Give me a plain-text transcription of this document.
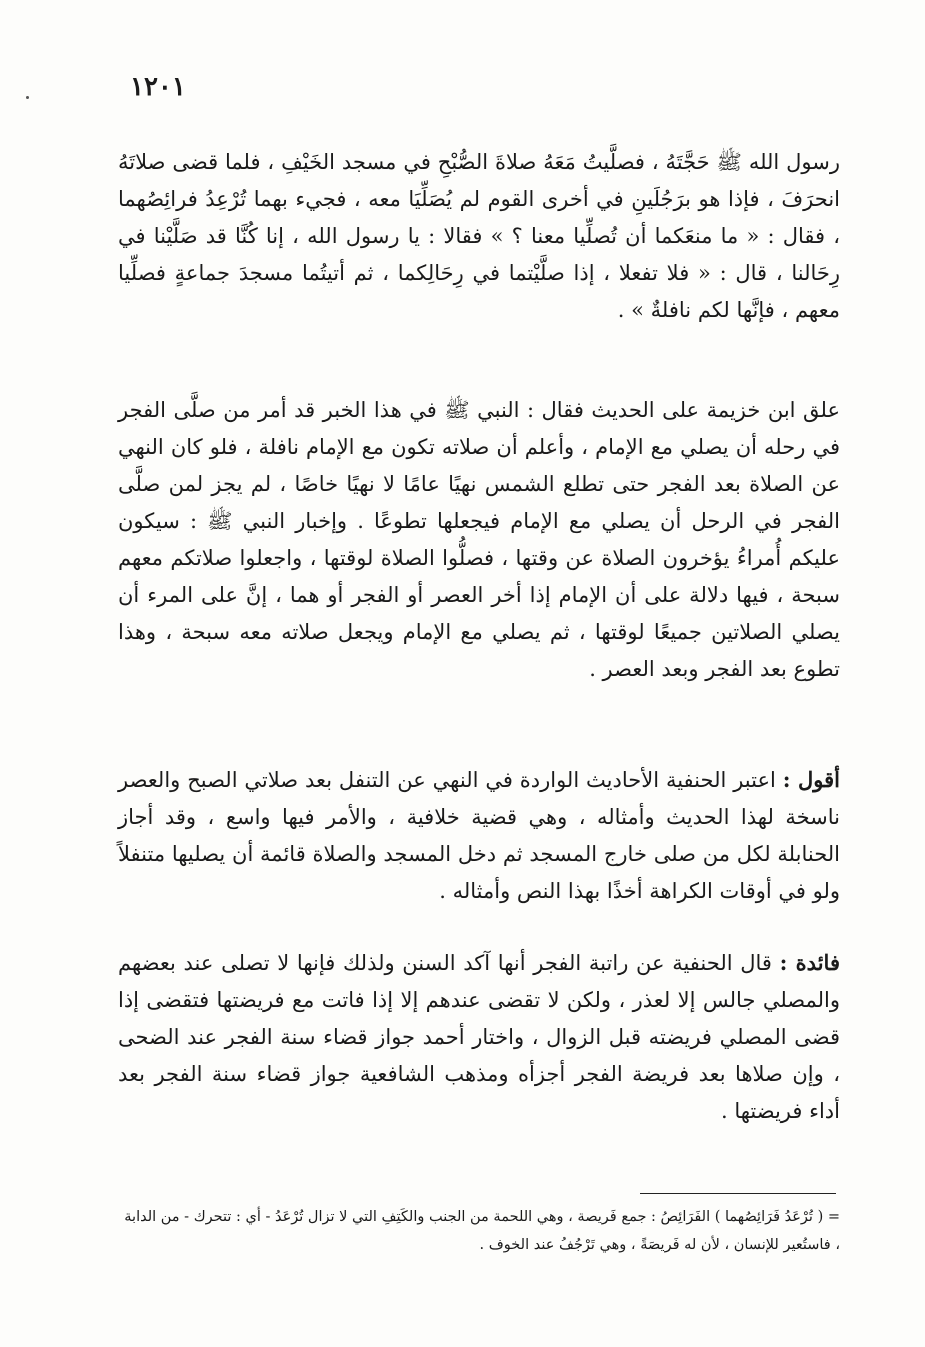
١٢٠١

رسول الله ﷺ حَجَّتَهُ ، فصلَّيتُ مَعَهُ صلاةَ الصُّبْحِ في مسجد الخَيْفِ ، فلما قضى صلاتَهُ انحرَفَ ، فإذا هو برَجُلَينِ في أخرى القوم لم يُصَلِّيَا معه ، فجيء بهما تُرْعِدُ فرائِصُهما ، فقال : « ما منعَكما أن تُصلِّيا معنا ؟ » فقالا : يا رسول الله ، إنا كُنَّا قد صَلَّيْنا في رِحَالنا ، قال : « فلا تفعلا ، إذا صلَّيْتما في رِحَالِكما ، ثم أتيتُما مسجدَ جماعةٍ فصلِّيا معهم ، فإنَّها لكم نافلةٌ » .

علق ابن خزيمة على الحديث فقال : النبي ﷺ في هذا الخبر قد أمر من صلَّى الفجر في رحله أن يصلي مع الإمام ، وأعلم أن صلاته تكون مع الإمام نافلة ، فلو كان النهي عن الصلاة بعد الفجر حتى تطلع الشمس نهيًا عامًا لا نهيًا خاصًا ، لم يجز لمن صلَّى الفجر في الرحل أن يصلي مع الإمام فيجعلها تطوعًا . وإخبار النبي ﷺ : سيكون عليكم أُمراءُ يؤخرون الصلاة عن وقتها ، فصلُّوا الصلاة لوقتها ، واجعلوا صلاتكم معهم سبحة ، فيها دلالة على أن الإمام إذا أخر العصر أو الفجر أو هما ، إنَّ على المرء أن يصلي الصلاتين جميعًا لوقتها ، ثم يصلي مع الإمام ويجعل صلاته معه سبحة ، وهذا تطوع بعد الفجر وبعد العصر .

أقول : اعتبر الحنفية الأحاديث الواردة في النهي عن التنفل بعد صلاتي الصبح والعصر ناسخة لهذا الحديث وأمثاله ، وهي قضية خلافية ، والأمر فيها واسع ، وقد أجاز الحنابلة لكل من صلى خارج المسجد ثم دخل المسجد والصلاة قائمة أن يصليها متنفلاً ولو في أوقات الكراهة أخذًا بهذا النص وأمثاله .

فائدة : قال الحنفية عن راتبة الفجر أنها آكد السنن ولذلك فإنها لا تصلى عند بعضهم والمصلي جالس إلا لعذر ، ولكن لا تقضى عندهم إلا إذا فاتت مع فريضتها فتقضى إذا قضى المصلي فريضته قبل الزوال ، واختار أحمد جواز قضاء سنة الفجر عند الضحى ، وإن صلاها بعد فريضة الفجر أجزأه ومذهب الشافعية جواز قضاء سنة الفجر بعد أداء فريضتها .

= ( تُرْعَدُ فَرَائِصُهما ) الفَرَائِصُ : جمع فَريصة ، وهي اللحمة من الجنب والكَتِفِ التي لا تزال تُرْعَدُ - أي : تتحرك - من الدابة ، فاستُعير للإنسان ، لأن له فَريصَةً ، وهي تَرْجُفُ عند الخوف .
